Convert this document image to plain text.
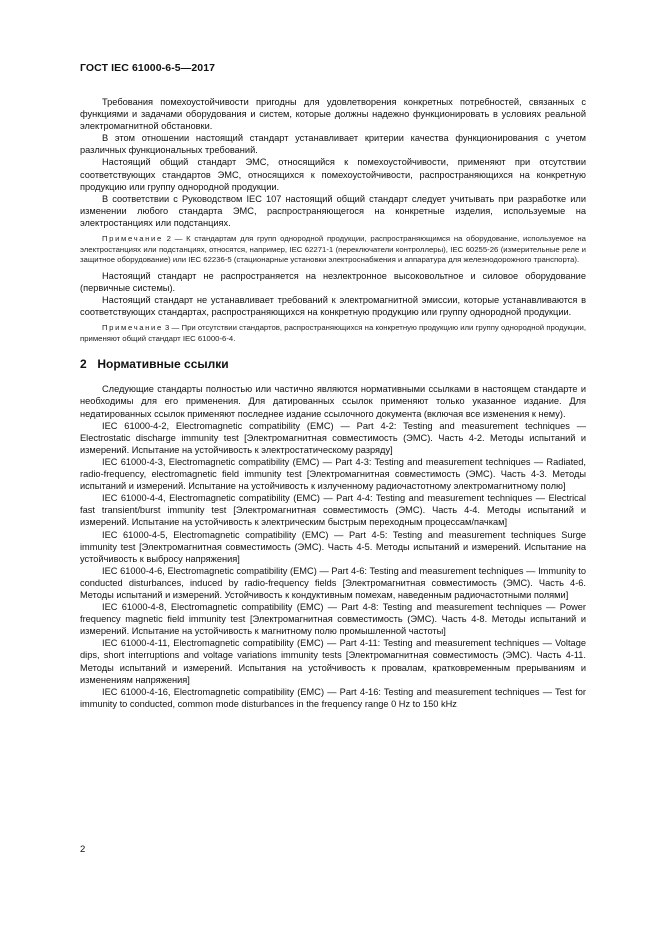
ГОСТ IEC 61000-6-5—2017

Требования помехоустойчивости пригодны для удовлетворения конкретных потребностей, связанных с функциями и задачами оборудования и систем, которые должны надежно функционировать в условиях реальной электромагнитной обстановки.

В этом отношении настоящий стандарт устанавливает критерии качества функционирования с учетом различных функциональных требований.

Настоящий общий стандарт ЭМС, относящийся к помехоустойчивости, применяют при отсутствии соответствующих стандартов ЭМС, относящихся к помехоустойчивости, распространяющихся на конкретную продукцию или группу однородной продукции.

В соответствии с Руководством IEC 107 настоящий общий стандарт следует учитывать при разработке или изменении любого стандарта ЭМС, распространяющегося на конкретные изделия, используемые на электростанциях или подстанциях.

Примечание 2 — К стандартам для групп однородной продукции, распространяющимся на оборудование, используемое на электростанциях или подстанциях, относятся, например, IEC 62271-1 (переключатели контроллеры), IEC 60255-26 (измерительные реле и защитное оборудование) или IEC 62236-5 (стационарные установки электроснабжения и аппаратура для железнодорожного транспорта).

Настоящий стандарт не распространяется на незлектронное высоковольтное и силовое оборудование (первичные системы).

Настоящий стандарт не устанавливает требований к электромагнитной эмиссии, которые устанавливаются в соответствующих стандартах, распространяющихся на конкретную продукцию или группу однородной продукции.

Примечание 3 — При отсутствии стандартов, распространяющихся на конкретную продукцию или группу однородной продукции, применяют общий стандарт IEC 61000-6-4.

2 Нормативные ссылки

Следующие стандарты полностью или частично являются нормативными ссылками в настоящем стандарте и необходимы для его применения. Для датированных ссылок применяют только указанное издание. Для недатированных ссылок применяют последнее издание ссылочного документа (включая все изменения к нему).

IEC 61000-4-2, Electromagnetic compatibility (EMC) — Part 4-2: Testing and measurement techniques — Electrostatic discharge immunity test [Электромагнитная совместимость (ЭМС). Часть 4-2. Методы испытаний и измерений. Испытание на устойчивость к электростатическому разряду]

IEC 61000-4-3, Electromagnetic compatibility (EMC) — Part 4-3: Testing and measurement techniques — Radiated, radio-frequency, electromagnetic field immunity test [Электромагнитная совместимость (ЭМС). Часть 4-3. Методы испытаний и измерений. Испытание на устойчивость к излученному радиочастотному электромагнитному полю]

IEC 61000-4-4, Electromagnetic compatibility (EMC) — Part 4-4: Testing and measurement techniques — Electrical fast transient/burst immunity test [Электромагнитная совместимость (ЭМС). Часть 4-4. Методы испытаний и измерений. Испытание на устойчивость к электрическим быстрым переходным процессам/пачкам]

IEC 61000-4-5, Electromagnetic compatibility (EMC) — Part 4-5: Testing and measurement techniques Surge immunity test [Электромагнитная совместимость (ЭМС). Часть 4-5. Методы испытаний и измерений. Испытание на устойчивость к выбросу напряжения]

IEC 61000-4-6, Electromagnetic compatibility (EMC) — Part 4-6: Testing and measurement techniques — Immunity to conducted disturbances, induced by radio-frequency fields [Электромагнитная совместимость (ЭМС). Часть 4-6. Методы испытаний и измерений. Устойчивость к кондуктивным помехам, наведенным радиочастотными полями]

IEC 61000-4-8, Electromagnetic compatibility (EMC) — Part 4-8: Testing and measurement techniques — Power frequency magnetic field immunity test [Электромагнитная совместимость (ЭМС). Часть 4-8. Методы испытаний и измерений. Испытание на устойчивость к магнитному полю промышленной частоты]

IEC 61000-4-11, Electromagnetic compatibility (EMC) — Part 4-11: Testing and measurement techniques — Voltage dips, short interruptions and voltage variations immunity tests [Электромагнитная совместимость (ЭМС). Часть 4-11. Методы испытаний и измерений. Испытания на устойчивость к провалам, кратковременным прерываниям и изменениям напряжения]

IEC 61000-4-16, Electromagnetic compatibility (EMC) — Part 4-16: Testing and measurement techniques — Test for immunity to conducted, common mode disturbances in the frequency range 0 Hz to 150 kHz

2
